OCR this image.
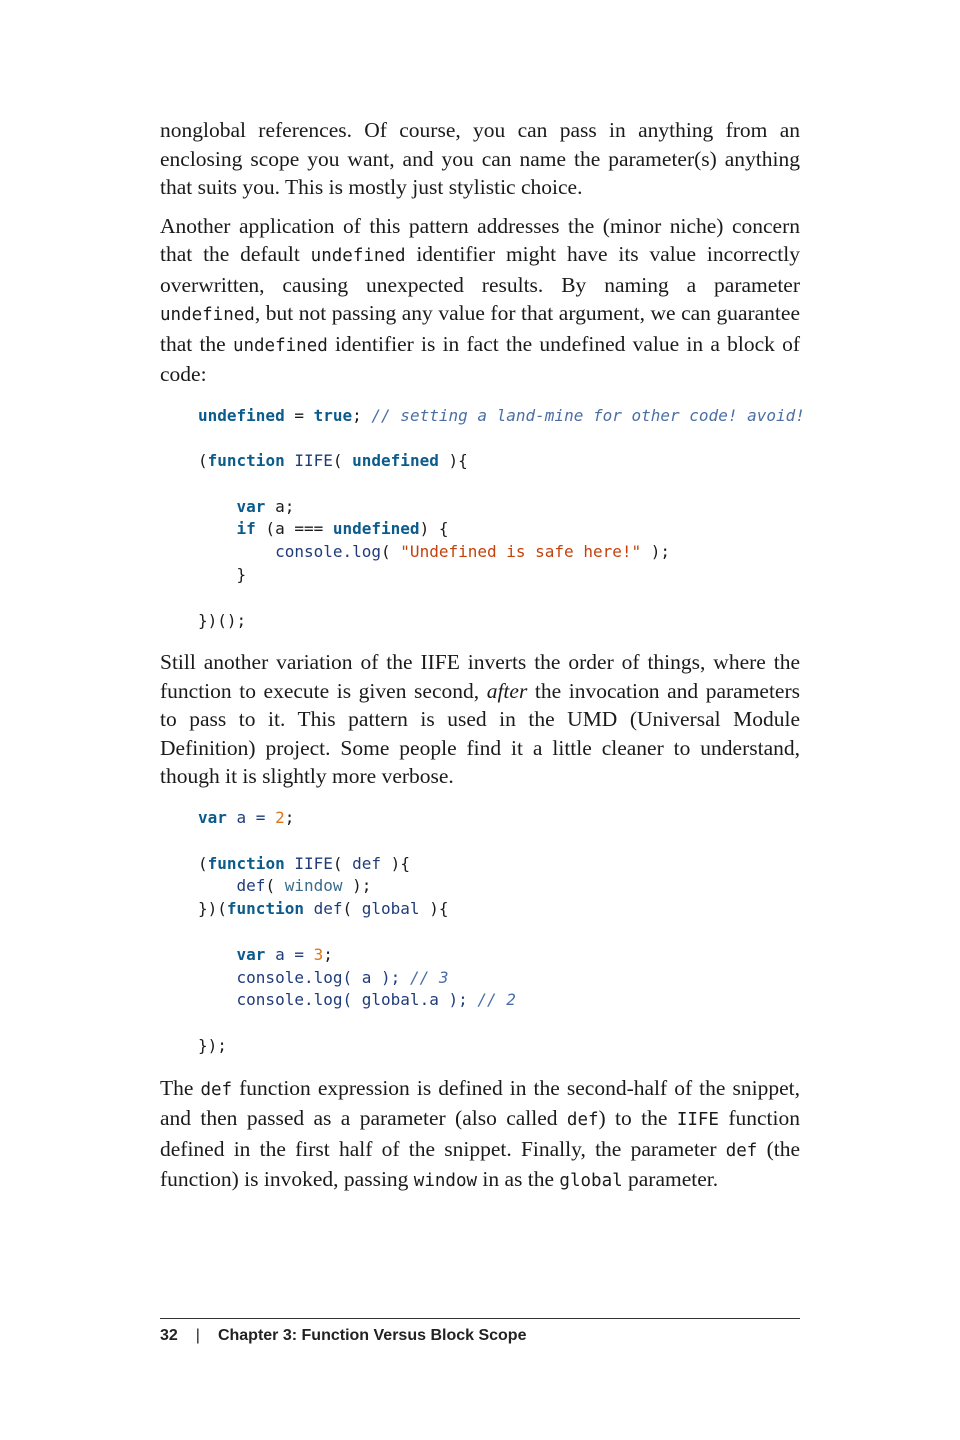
nonglobal references. Of course, you can pass in anything from an enclosing scope you want, and you can name the parameter(s) anything that suits you. This is mostly just stylistic choice.

Another application of this pattern addresses the (minor niche) concern that the default undefined identifier might have its value incorrectly overwritten, causing unexpected results. By naming a parameter undefined, but not passing any value for that argument, we can guarantee that the undefined identifier is in fact the undefined value in a block of code:

undefined = true; // setting a land-mine for other code! avoid!

(function IIFE( undefined ){

var a;
if (a === undefined) {
console.log( "Undefined is safe here!" );
}

})();

Still another variation of the IIFE inverts the order of things, where the function to execute is given second, after the invocation and parameters to pass to it. This pattern is used in the UMD (Universal Module Definition) project. Some people find it a little cleaner to understand, though it is slightly more verbose.

var a = 2;

(function IIFE( def ){
def( window );
})(function def( global ){

var a = 3;
console.log( a ); // 3
console.log( global.a ); // 2

});

The def function expression is defined in the second-half of the snippet, and then passed as a parameter (also called def) to the IIFE function defined in the first half of the snippet. Finally, the parameter def (the function) is invoked, passing window in as the global parameter.

32 | Chapter 3: Function Versus Block Scope
